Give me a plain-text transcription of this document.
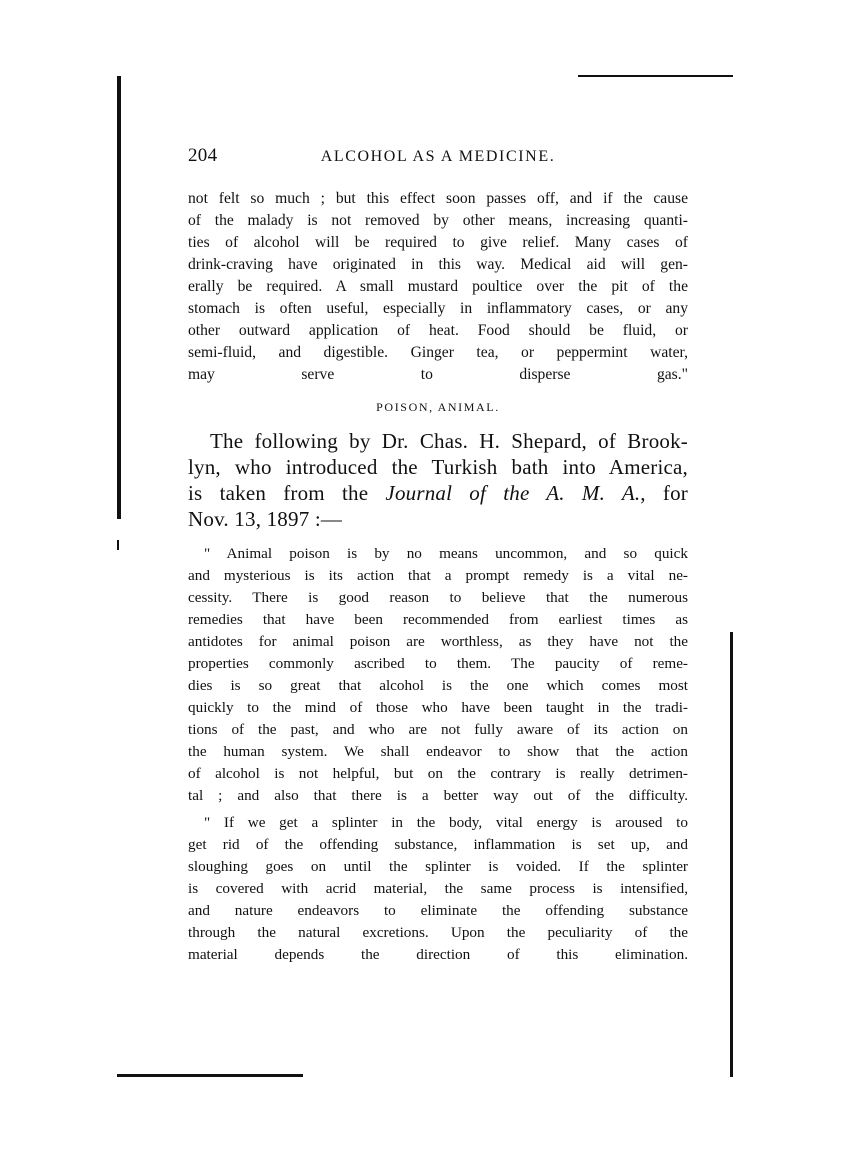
204	ALCOHOL AS A MEDICINE.

not felt so much ; but this effect soon passes off, and if the cause
of the malady is not removed by other means, increasing quanti-
ties of alcohol will be required to give relief. Many cases of
drink-craving have originated in this way. Medical aid will gen-
erally be required. A small mustard poultice over the pit of the
stomach is often useful, especially in inflammatory cases, or any
other outward application of heat. Food should be fluid, or
semi-fluid, and digestible. Ginger tea, or peppermint water,
may serve to disperse gas."

POISON, ANIMAL.
The following by Dr. Chas. H. Shepard, of Brook-
lyn, who introduced the Turkish bath into America,
is taken from the Journal of the A. M. A., for
Nov. 13, 1897 :—

" Animal poison is by no means uncommon, and so quick
and mysterious is its action that a prompt remedy is a vital ne-
cessity. There is good reason to believe that the numerous
remedies that have been recommended from earliest times as
antidotes for animal poison are worthless, as they have not the
properties commonly ascribed to them. The paucity of reme-
dies is so great that alcohol is the one which comes most
quickly to the mind of those who have been taught in the tradi-
tions of the past, and who are not fully aware of its action on
the human system. We shall endeavor to show that the action
of alcohol is not helpful, but on the contrary is really detrimen-
tal ; and also that there is a better way out of the difficulty.

" If we get a splinter in the body, vital energy is aroused to
get rid of the offending substance, inflammation is set up, and
sloughing goes on until the splinter is voided. If the splinter
is covered with acrid material, the same process is intensified,
and nature endeavors to eliminate the offending substance
through the natural excretions. Upon the peculiarity of the
material depends the direction of this elimination.
